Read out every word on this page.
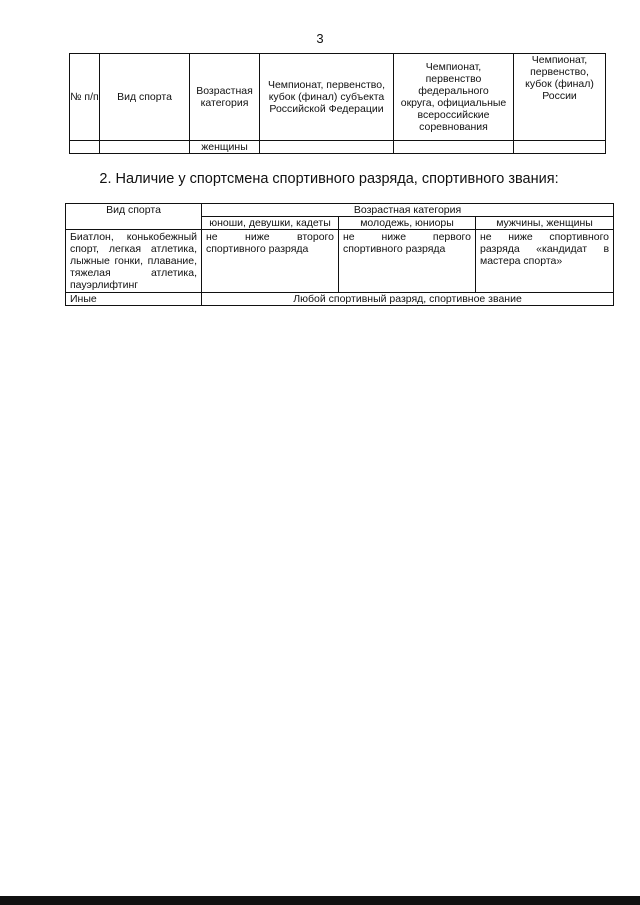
3
№ п/п	Вид спорта	Возрастная категория	Чемпионат, первенство, кубок (финал) субъекта Российской Федерации	Чемпионат, первенство федерального округа, официальные всероссийские соревнования	Чемпионат, первенство, кубок (финал) России
		женщины			
2. Наличие у спортсмена спортивного разряда, спортивного звания:
Вид спорта	Возрастная категория		
	юноши, девушки, кадеты	молодежь, юниоры	мужчины, женщины

Биатлон, конькобежный спорт, легкая атлетика, лыжные гонки, плавание, тяжелая атлетика, пауэрлифтинг	не ниже второго спортивного разряда	не ниже первого спортивного разряда	не ниже спортивного разряда «кандидат в мастера спорта»

Иные	Любой спортивный разряд, спортивное звание		
